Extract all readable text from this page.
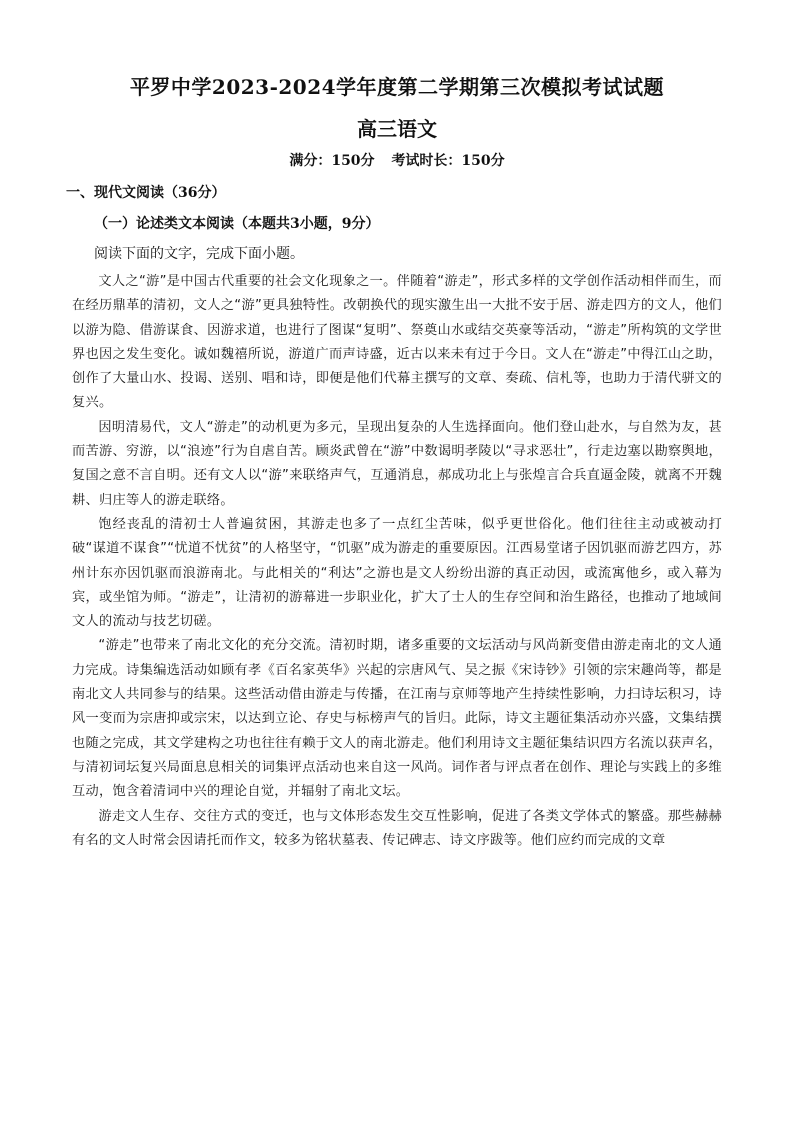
平罗中学2023-2024学年度第二学期第三次模拟考试试题
高三语文
满分：150分 考试时长：150分
一、现代文阅读（36分）
（一）论述类文本阅读（本题共3小题，9分）
阅读下面的文字，完成下面小题。

文人之“游”是中国古代重要的社会文化现象之一。伴随着“游走”，形式多样的文学创作活动相伴而生，而在经历鼎革的清初，文人之“游”更具独特性。改朝换代的现实激生出一大批不安于居、游走四方的文人，他们以游为隐、借游谋食、因游求道，也进行了图谋“复明”、祭奠山水或结交英豪等活动，“游走”所构筑的文学世界也因之发生变化。诚如魏禧所说，游道广而声诗盛，近古以来未有过于今日。文人在“游走”中得江山之助，创作了大量山水、投谒、送别、唱和诗，即便是他们代幕主撰写的文章、奏疏、信札等，也助力于清代骈文的复兴。

因明清易代，文人“游走”的动机更为多元，呈现出复杂的人生选择面向。他们登山赴水，与自然为友，甚而苦游、穷游，以“浪迹”行为自虐自苦。顾炎武曾在“游”中数谒明孝陵以“寻求恶壮”，行走边塞以勘察舆地，复国之意不言自明。还有文人以“游”来联络声气，互通消息，郝成功北上与张煌言合兵直逼金陵，就离不开魏耕、归庄等人的游走联络。

饱经丧乱的清初士人普遍贫困，其游走也多了一点红尘苦味，似乎更世俗化。他们往往主动或被动打破“谋道不谋食”“忧道不忧贫”的人格坚守，“饥驱”成为游走的重要原因。江西易堂诸子因饥驱而游艺四方，苏州计东亦因饥驱而浪游南北。与此相关的“利达”之游也是文人纷纷出游的真正动因，或流寓他乡，或入幕为宾，或坐馆为师。“游走”，让清初的游幕进一步职业化，扩大了士人的生存空间和治生路径，也推动了地域间文人的流动与技艺切磋。

“游走”也带来了南北文化的充分交流。清初时期，诸多重要的文坛活动与风尚新变借由游走南北的文人通力完成。诗集编选活动如顾有孝《百名家英华》兴起的宗唐风气、吴之振《宋诗钞》引领的宗宋趣尚等，都是南北文人共同参与的结果。这些活动借由游走与传播，在江南与京师等地产生持续性影响，力扫诗坛积习，诗风一变而为宗唐抑或宗宋，以达到立论、存史与标榜声气的旨归。此际，诗文主题征集活动亦兴盛，文集结撰也随之完成，其文学建构之功也往往有赖于文人的南北游走。他们利用诗文主题征集结识四方名流以获声名，与清初词坛复兴局面息息相关的词集评点活动也来自这一风尚。词作者与评点者在创作、理论与实践上的多维互动，饱含着清词中兴的理论自觉，并辐射了南北文坛。

游走文人生存、交往方式的变迁，也与文体形态发生交互性影响，促进了各类文学体式的繁盛。那些赫赫有名的文人时常会因请托而作文，较多为铭状墓表、传记碑志、诗文序跋等。他们应约而完成的文章
